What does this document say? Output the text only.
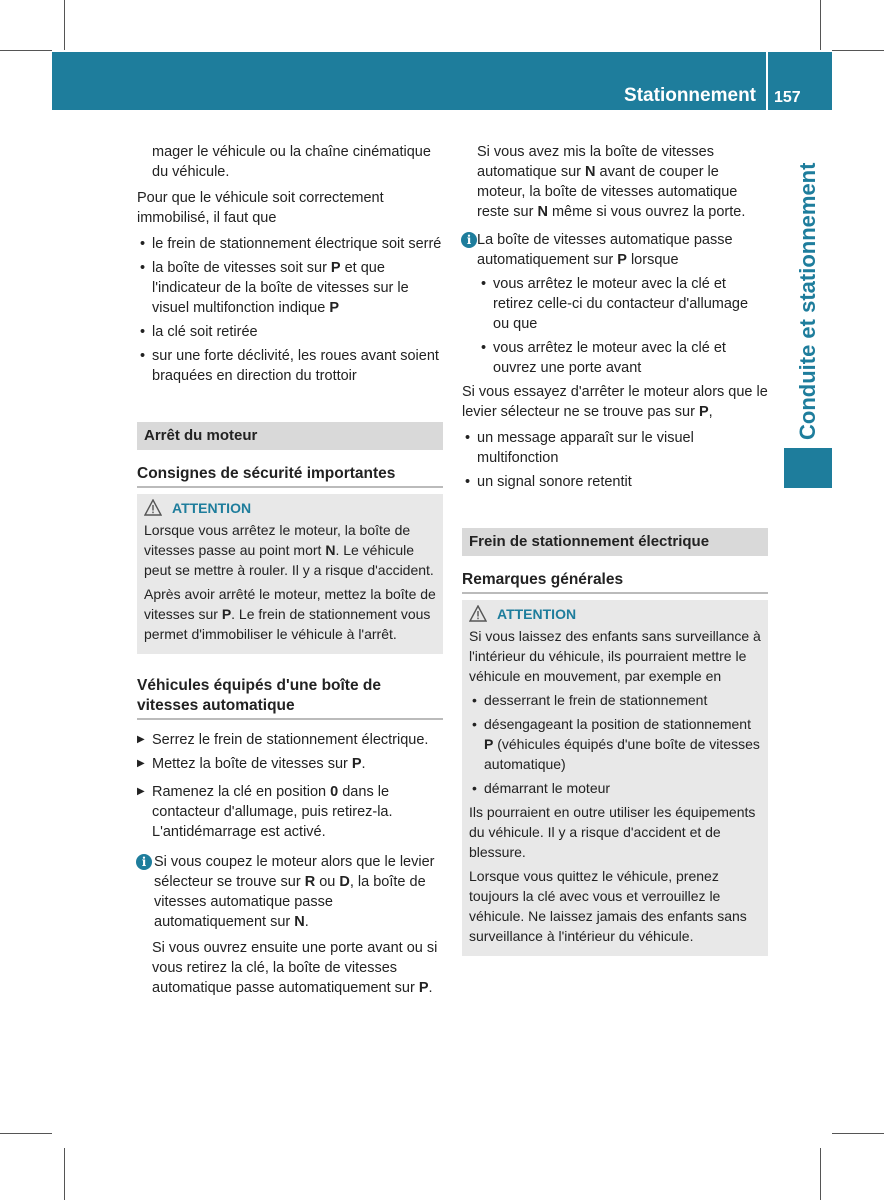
Stationnement 157
Conduite et stationnement

mager le véhicule ou la chaîne cinématique
du véhicule.

Pour que le véhicule soit correctement immobilisé, il faut que

• le frein de stationnement électrique soit serré
• la boîte de vitesses soit sur P et que l'indicateur de la boîte de vitesses sur le visuel multifonction indique P
• la clé soit retirée
• sur une forte déclivité, les roues avant soient braquées en direction du trottoir
Arrêt du moteur
Consignes de sécurité importantes

ATTENTION

Lorsque vous arrêtez le moteur, la boîte de vitesses passe au point mort N. Le véhicule peut se mettre à rouler. Il y a risque d'accident.

Après avoir arrêté le moteur, mettez la boîte de vitesses sur P. Le frein de stationnement vous permet d'immobiliser le véhicule à l'arrêt.

Véhicules équipés d'une boîte de vitesses automatique
▶ Serrez le frein de stationnement électrique.
▶ Mettez la boîte de vitesses sur P.
▶ Ramenez la clé en position 0 dans le contacteur d'allumage, puis retirez-la.
L'antidémarrage est activé.
i Si vous coupez le moteur alors que le levier sélecteur se trouve sur R ou D, la boîte de vitesses automatique passe automatiquement sur N.

Si vous ouvrez ensuite une porte avant ou si vous retirez la clé, la boîte de vitesses automatique passe automatiquement sur P.

Si vous avez mis la boîte de vitesses automatique sur N avant de couper le moteur, la boîte de vitesses automatique reste sur N même si vous ouvrez la porte.

i La boîte de vitesses automatique passe automatiquement sur P lorsque
• vous arrêtez le moteur avec la clé et retirez celle-ci du contacteur d'allumage ou que
• vous arrêtez le moteur avec la clé et ouvrez une porte avant

Si vous essayez d'arrêter le moteur alors que le levier sélecteur ne se trouve pas sur P,

• un message apparaît sur le visuel multifonction
• un signal sonore retentit
Frein de stationnement électrique
Remarques générales

ATTENTION

Si vous laissez des enfants sans surveillance à l'intérieur du véhicule, ils pourraient mettre le véhicule en mouvement, par exemple en

• desserrant le frein de stationnement
• désengageant la position de stationnement P (véhicules équipés d'une boîte de vitesses automatique)
• démarrant le moteur

Ils pourraient en outre utiliser les équipements du véhicule. Il y a risque d'accident et de blessure.

Lorsque vous quittez le véhicule, prenez toujours la clé avec vous et verrouillez le véhicule. Ne laissez jamais des enfants sans surveillance à l'intérieur du véhicule.
